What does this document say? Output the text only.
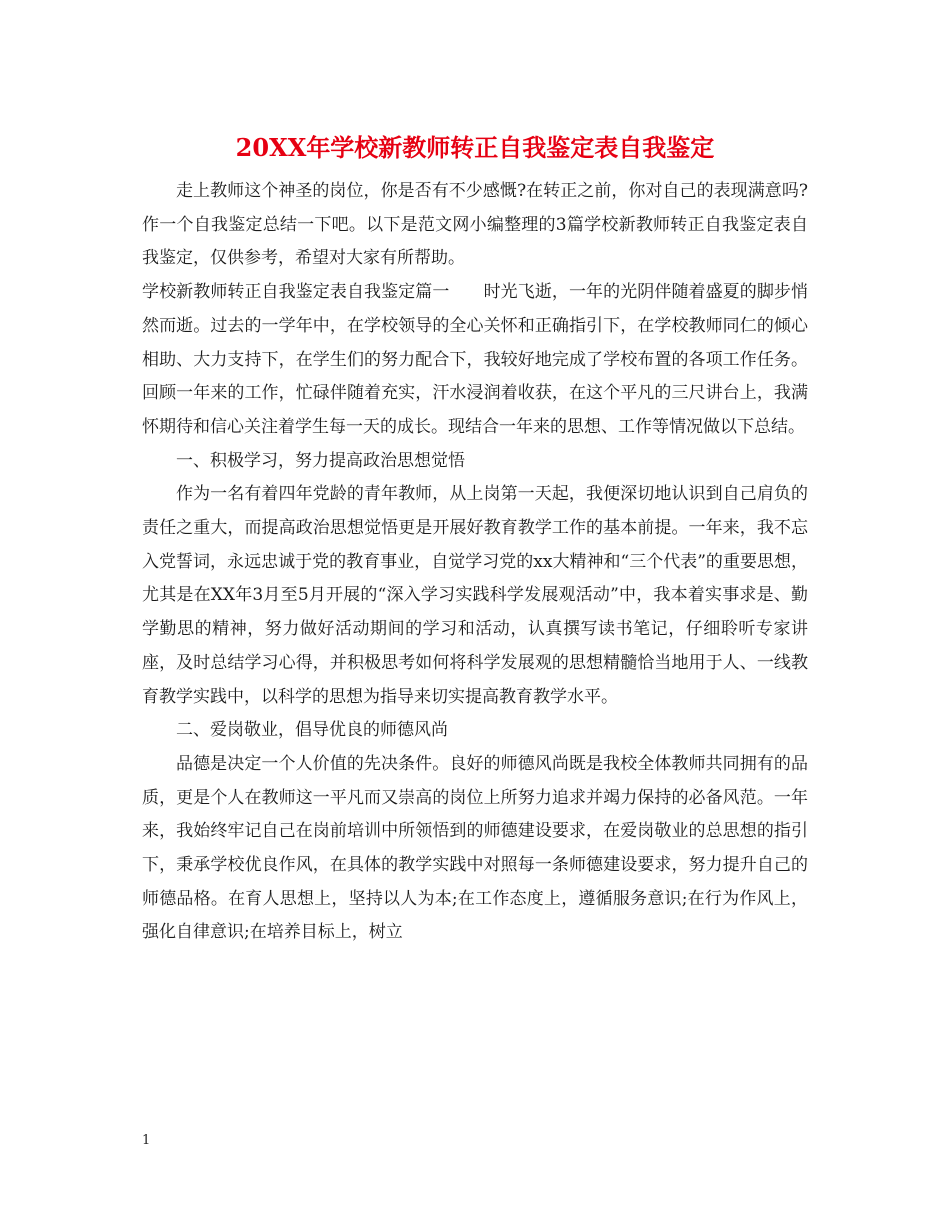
20XX年学校新教师转正自我鉴定表自我鉴定

走上教师这个神圣的岗位，你是否有不少感慨?在转正之前，你对自己的表现满意吗?作一个自我鉴定总结一下吧。以下是范文网小编整理的3篇学校新教师转正自我鉴定表自我鉴定，仅供参考，希望对大家有所帮助。

学校新教师转正自我鉴定表自我鉴定篇一　　时光飞逝，一年的光阴伴随着盛夏的脚步悄然而逝。过去的一学年中，在学校领导的全心关怀和正确指引下，在学校教师同仁的倾心相助、大力支持下，在学生们的努力配合下，我较好地完成了学校布置的各项工作任务。回顾一年来的工作，忙碌伴随着充实，汗水浸润着收获，在这个平凡的三尺讲台上，我满怀期待和信心关注着学生每一天的成长。现结合一年来的思想、工作等情况做以下总结。

一、积极学习，努力提高政治思想觉悟

作为一名有着四年党龄的青年教师，从上岗第一天起，我便深切地认识到自己肩负的责任之重大，而提高政治思想觉悟更是开展好教育教学工作的基本前提。一年来，我不忘入党誓词，永远忠诚于党的教育事业，自觉学习党的xx大精神和“三个代表”的重要思想，尤其是在XX年3月至5月开展的“深入学习实践科学发展观活动”中，我本着实事求是、勤学勤思的精神，努力做好活动期间的学习和活动，认真撰写读书笔记，仔细聆听专家讲座，及时总结学习心得，并积极思考如何将科学发展观的思想精髓恰当地用于人、一线教育教学实践中，以科学的思想为指导来切实提高教育教学水平。

二、爱岗敬业，倡导优良的师德风尚

品德是决定一个人价值的先决条件。良好的师德风尚既是我校全体教师共同拥有的品质，更是个人在教师这一平凡而又崇高的岗位上所努力追求并竭力保持的必备风范。一年来，我始终牢记自己在岗前培训中所领悟到的师德建设要求，在爱岗敬业的总思想的指引下，秉承学校优良作风，在具体的教学实践中对照每一条师德建设要求，努力提升自己的师德品格。在育人思想上，坚持以人为本;在工作态度上，遵循服务意识;在行为作风上，强化自律意识;在培养目标上，树立

1
